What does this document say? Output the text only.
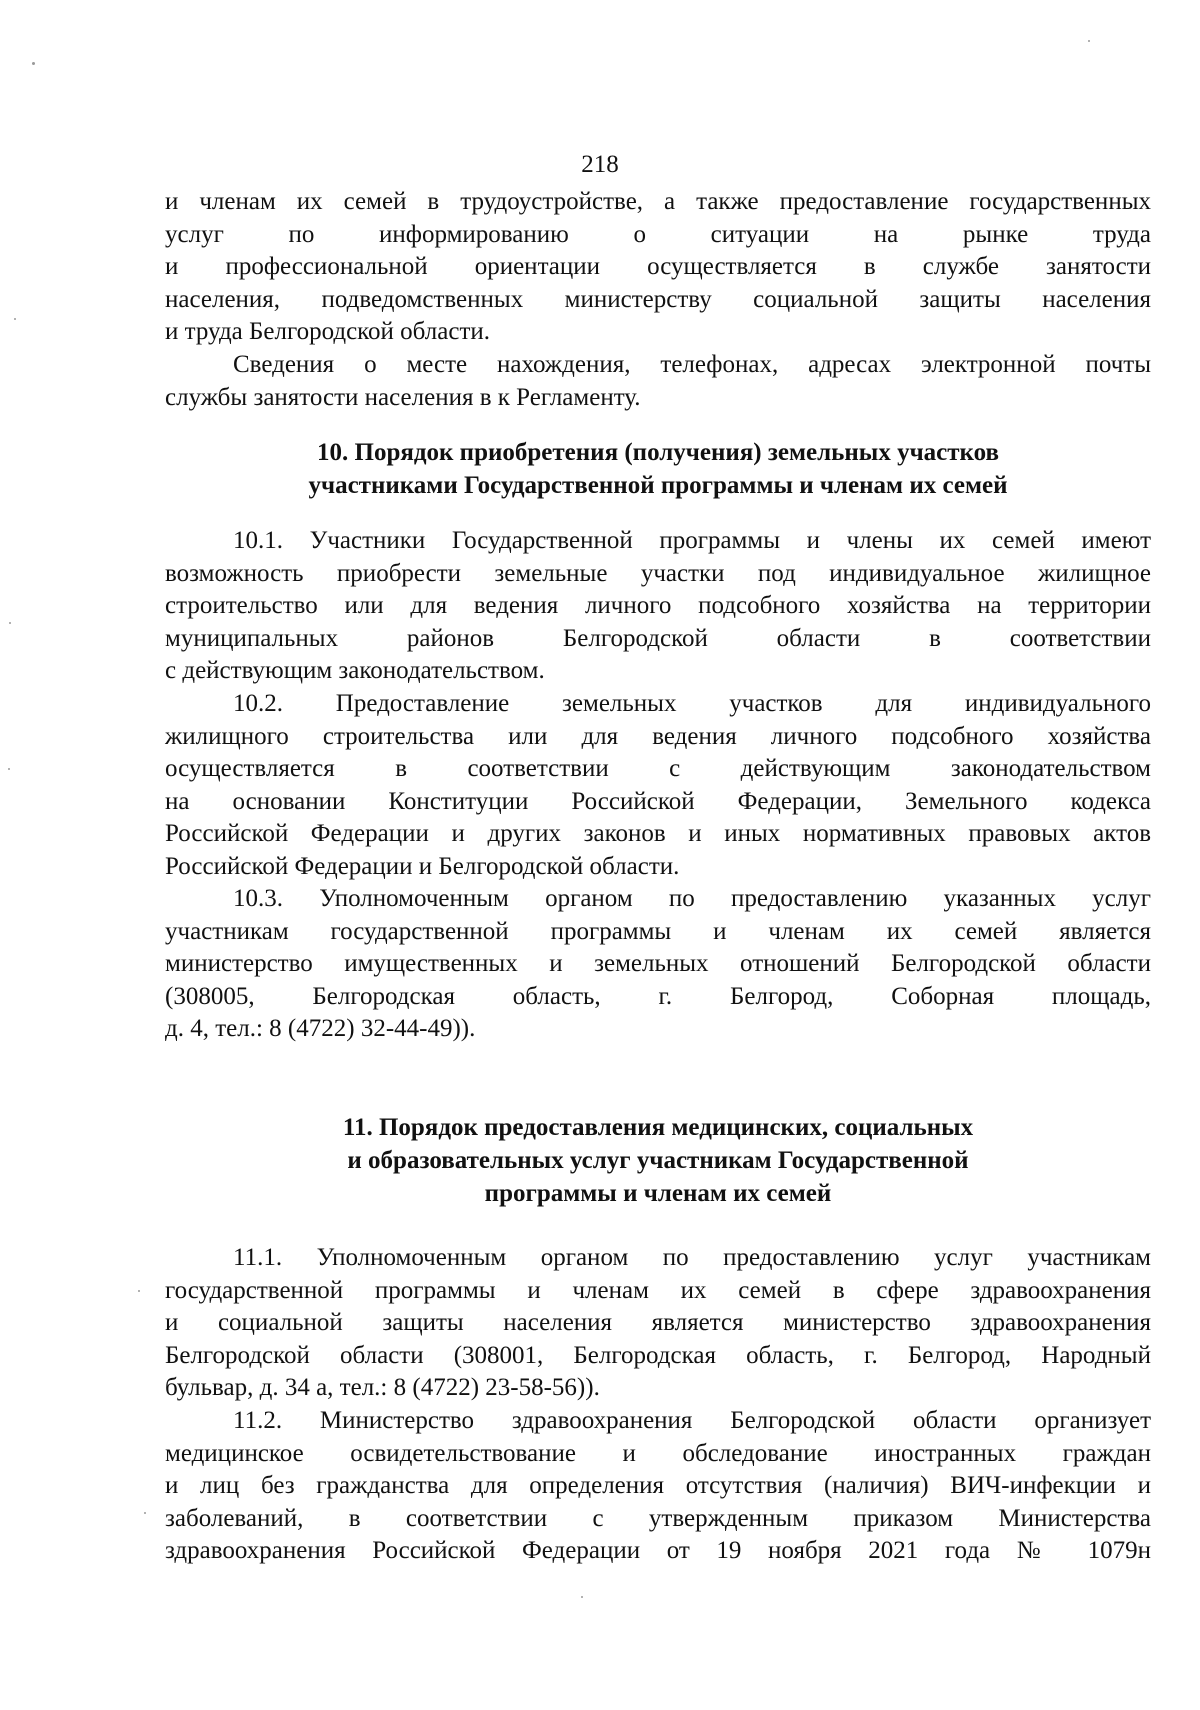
218
и членам их семей в трудоустройстве, а также предоставление государственных
услуг по информированию о ситуации на рынке труда
и профессиональной ориентации осуществляется в службе занятости
населения, подведомственных министерству социальной защиты населения
и труда Белгородской области.
Сведения о месте нахождения, телефонах, адресах электронной почты
службы занятости населения в к Регламенту.
10. Порядок приобретения (получения) земельных участков
участниками Государственной программы и членам их семей
10.1. Участники Государственной программы и члены их семей имеют
возможность приобрести земельные участки под индивидуальное жилищное
строительство или для ведения личного подсобного хозяйства на территории
муниципальных районов Белгородской области в соответствии
с действующим законодательством.
10.2. Предоставление земельных участков для индивидуального
жилищного строительства или для ведения личного подсобного хозяйства
осуществляется в соответствии с действующим законодательством
на основании Конституции Российской Федерации, Земельного кодекса
Российской Федерации и других законов и иных нормативных правовых актов
Российской Федерации и Белгородской области.
10.3. Уполномоченным органом по предоставлению указанных услуг
участникам государственной программы и членам их семей является
министерство имущественных и земельных отношений Белгородской области
(308005, Белгородская область, г. Белгород, Соборная площадь,
д. 4, тел.: 8 (4722) 32-44-49)).
11. Порядок предоставления медицинских, социальных
и образовательных услуг участникам Государственной
программы и членам их семей
11.1. Уполномоченным органом по предоставлению услуг участникам
государственной программы и членам их семей в сфере здравоохранения
и социальной защиты населения является министерство здравоохранения
Белгородской области (308001, Белгородская область, г. Белгород, Народный
бульвар, д. 34 а, тел.: 8 (4722) 23-58-56)).
11.2. Министерство здравоохранения Белгородской области организует
медицинское освидетельствование и обследование иностранных граждан
и лиц без гражданства для определения отсутствия (наличия) ВИЧ-инфекции и
заболеваний, в соответствии с утвержденным приказом Министерства
здравоохранения Российской Федерации от 19 ноября 2021 года № 1079н
